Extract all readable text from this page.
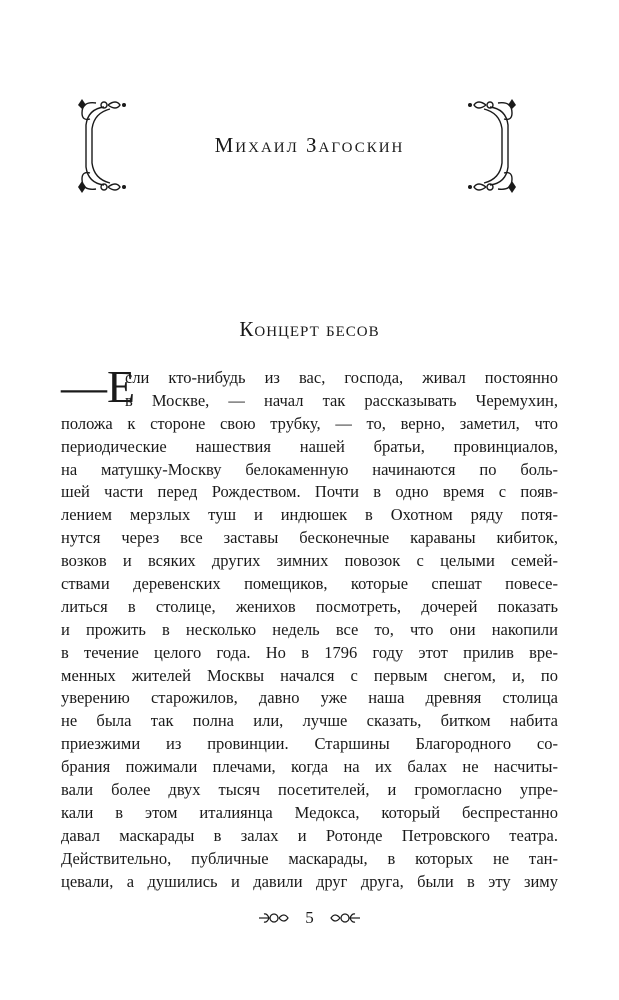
Михаил Загоскин
Концерт бесов
—Е
сли кто-нибудь из вас, господа, живал постоянно
в Москве, — начал так рассказывать Черемухин,
положа к стороне свою трубку, — то, верно, заметил, что
периодические нашествия нашей братьи, провинциалов,
на матушку-Москву белокаменную начинаются по боль-
шей части перед Рождеством. Почти в одно время с появ-
лением мерзлых туш и индюшек в Охотном ряду потя-
нутся через все заставы бесконечные караваны кибиток,
возков и всяких других зимних повозок с целыми семей-
ствами деревенских помещиков, которые спешат повесе-
литься в столице, женихов посмотреть, дочерей показать
и прожить в несколько недель все то, что они накопили
в течение целого года. Но в 1796 году этот прилив вре-
менных жителей Москвы начался с первым снегом, и, по
уверению старожилов, давно уже наша древняя столица
не была так полна или, лучше сказать, битком набита
приезжими из провинции. Старшины Благородного со-
брания пожимали плечами, когда на их балах не насчиты-
вали более двух тысяч посетителей, и громогласно упре-
кали в этом италиянца Медокса, который беспрестанно
давал маскарады в залах и Ротонде Петровского театра.
Действительно, публичные маскарады, в которых не тан-
цевали, а душились и давили друг друга, были в эту зиму
5
